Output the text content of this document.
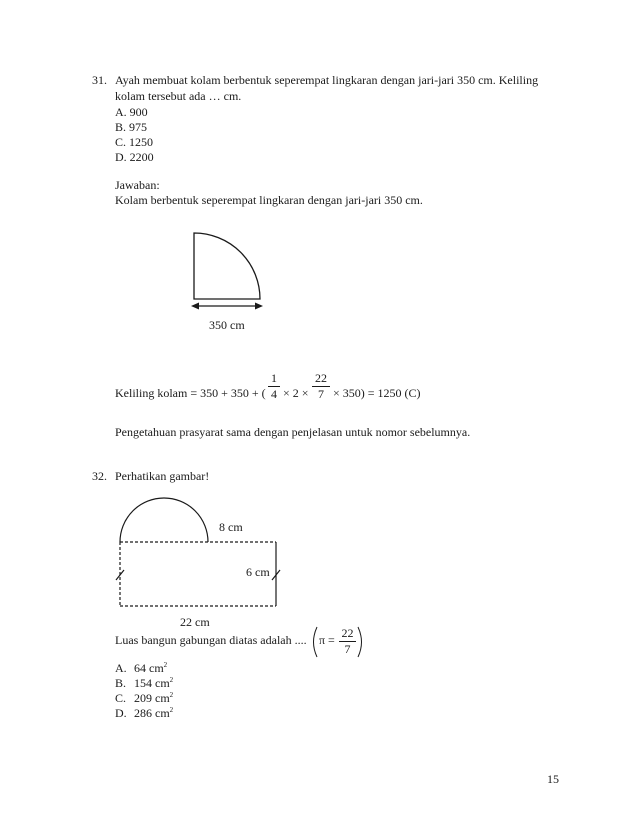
31. Ayah membuat kolam berbentuk seperempat lingkaran dengan jari-jari 350 cm. Keliling
kolam tersebut ada … cm.
A. 900
B. 975
C. 1250
D. 2200
Jawaban:
Kolam berbentuk seperempat lingkaran dengan jari-jari 350 cm.
350 cm
Keliling kolam = 350 + 350 + ( $\frac{1}{4} \times 2 \times \frac{22}{7} \times 350) = 1250$ (C)
Pengetahuan prasyarat sama dengan penjelasan untuk nomor sebelumnya.
32. Perhatikan gambar!
8 cm
6 cm
22 cm
Luas bangun gabungan diatas adalah .... $\pi = \frac{22}{7}$
A. 64 $cm^2$
B. 154 $cm^2$
C. 209 $cm^2$
D. 286 $cm^2$
15
